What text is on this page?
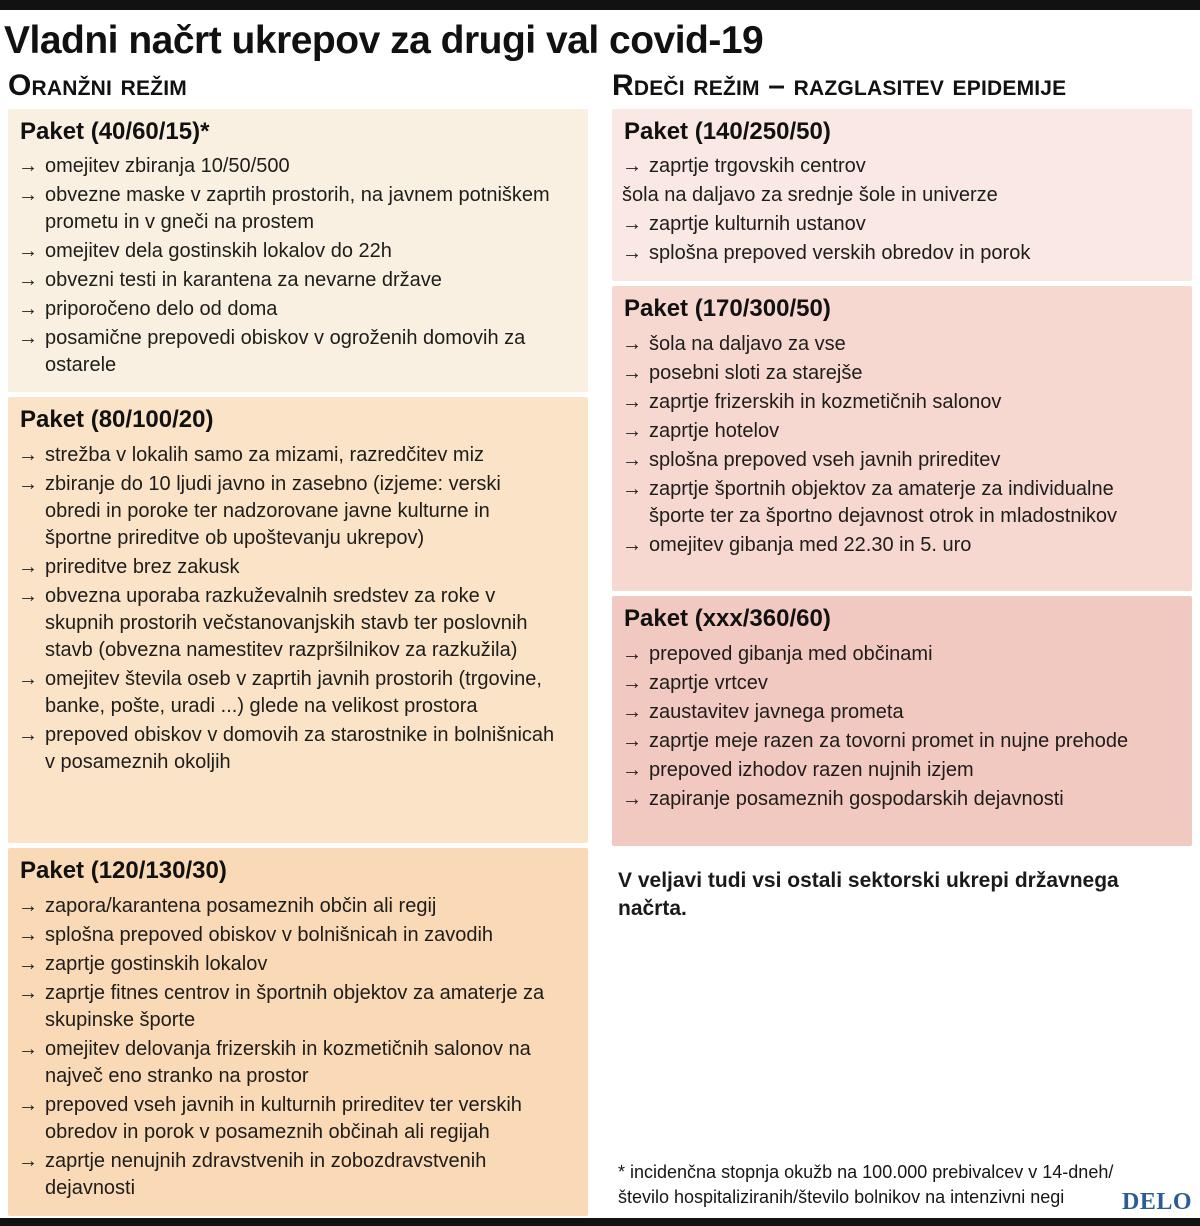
Vladni načrt ukrepov za drugi val covid-19
Oranžni režim
Paket (40/60/15)*
→ omejitev zbiranja 10/50/500
→ obvezne maske v zaprtih prostorih, na javnem potniškem prometu in v gneči na prostem
→ omejitev dela gostinskih lokalov do 22h
→ obvezni testi in karantena za nevarne države
→ priporočeno delo od doma
→ posamične prepovedi obiskov v ogroženih domovih za ostarele
Paket (80/100/20)
→ strežba v lokalih samo za mizami, razredčitev miz
→ zbiranje do 10 ljudi javno in zasebno (izjeme: verski obredi in poroke ter nadzorovane javne kulturne in športne prireditve ob upoštevanju ukrepov)
→ prireditve brez zakusk
→ obvezna uporaba razkuževalnih sredstev za roke v skupnih prostorih večstanovanjskih stavb ter poslovnih stavb (obvezna namestitev razpršilnikov za razkužila)
→ omejitev števila oseb v zaprtih javnih prostorih (trgovine, banke, pošte, uradi ...) glede na velikost prostora
→ prepoved obiskov v domovih za starostnike in bolnišnicah v posameznih okoljih
Paket (120/130/30)
→ zapora/karantena posameznih občin ali regij
→ splošna prepoved obiskov v bolnišnicah in zavodih
→ zaprtje gostinskih lokalov
→ zaprtje fitnes centrov in športnih objektov za amaterje za skupinske športe
→ omejitev delovanja frizerskih in kozmetičnih salonov na največ eno stranko na prostor
→ prepoved vseh javnih in kulturnih prireditev ter verskih obredov in porok v posameznih občinah ali regijah
→ zaprtje nenujnih zdravstvenih in zobozdravstvenih dejavnosti
Rdeči režim – razglasitev epidemije
Paket (140/250/50)
→ zaprtje trgovskih centrov
šola na daljavo za srednje šole in univerze
→ zaprtje kulturnih ustanov
→ splošna prepoved verskih obredov in porok
Paket (170/300/50)
→ šola na daljavo za vse
→ posebni sloti za starejše
→ zaprtje frizerskih in kozmetičnih salonov
→ zaprtje hotelov
→ splošna prepoved vseh javnih prireditev
→ zaprtje športnih objektov za amaterje za individualne športe ter za športno dejavnost otrok in mladostnikov
→ omejitev gibanja med 22.30 in 5. uro
Paket (xxx/360/60)
→ prepoved gibanja med občinami
→ zaprtje vrtcev
→ zaustavitev javnega prometa
→ zaprtje meje razen za tovorni promet in nujne prehode
→ prepoved izhodov razen nujnih izjem
→ zapiranje posameznih gospodarskih dejavnosti

V veljavi tudi vsi ostali sektorski ukrepi državnega načrta.

* incidenčna stopnja okužb na 100.000 prebivalcev v 14-dneh/
število hospitaliziranih/število bolnikov na intenzivni negi	DELO
